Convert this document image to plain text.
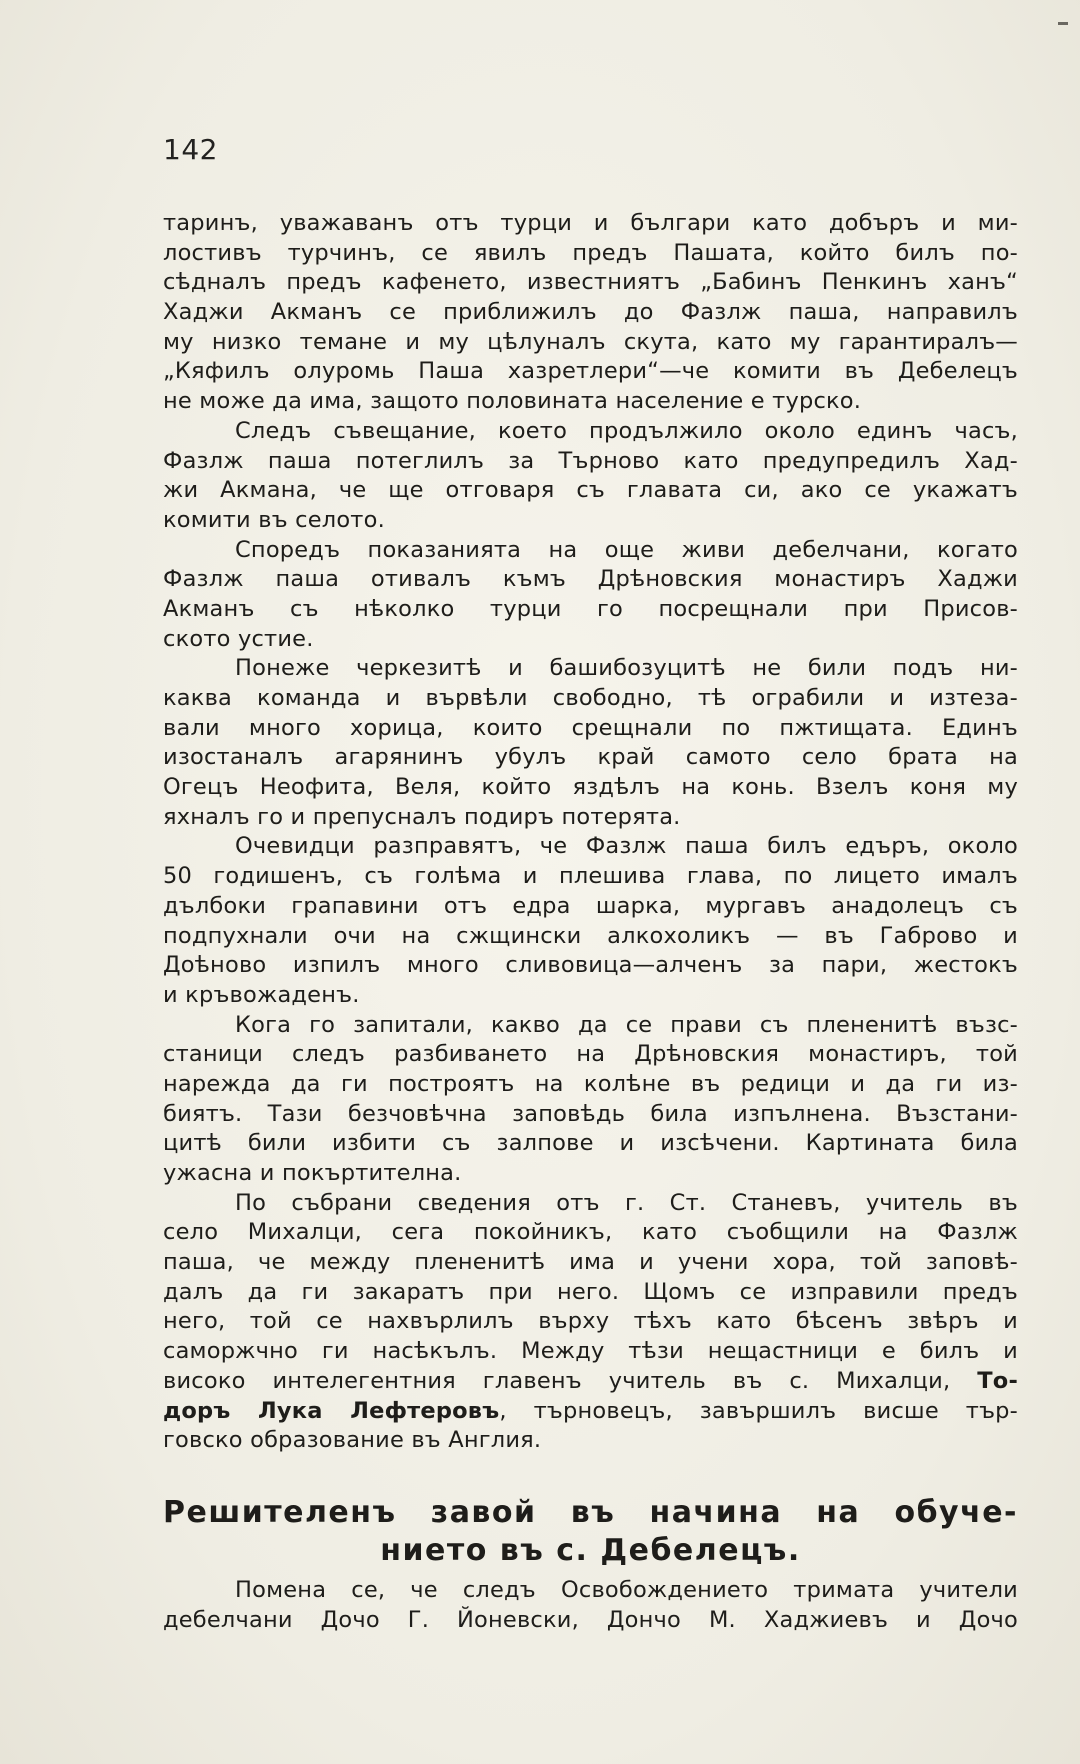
142
таринъ, уважаванъ отъ турци и българи като добъръ и ми-
лостивъ турчинъ, се явилъ предъ Пашата, който билъ по-
сѣдналъ предъ кафенето, известниятъ „Бабинъ Пенкинъ ханъ“
Хаджи Акманъ се приближилъ до Фазлж паша, направилъ
му низко темане и му цѣлуналъ скута, като му гарантиралъ—
„Кяфилъ олуромь Паша хазретлери“—че комити въ Дебелецъ
не може да има, защото половината население е турско.
Следъ съвещание, което продължило около единъ часъ,
Фазлж паша потеглилъ за Търново като предупредилъ Хад-
жи Акмана, че ще отговаря съ главата си, ако се укажатъ
комити въ селото.
Споредъ показанията на още живи дебелчани, когато
Фазлж паша отивалъ къмъ Дрѣновския монастиръ Хаджи
Акманъ съ нѣколко турци го посрещнали при Присов-
ското устие.
Понеже черкезитѣ и башибозуцитѣ не били подъ ни-
каква команда и вървѣли свободно, тѣ ограбили и изтеза-
вали много хорица, които срещнали по пжтищата. Единъ
изостаналъ агарянинъ убулъ край самото село брата на
Огецъ Неофита, Веля, който яздѣлъ на конь. Взелъ коня му
яхналъ го и препусналъ подиръ потерята.
Очевидци разправятъ, че Фазлж паша билъ едъръ, около
50 годишенъ, съ голѣма и плешива глава, по лицето ималъ
дълбоки грапавини отъ едра шарка, мургавъ анадолецъ съ
подпухнали очи на сжщински алкохоликъ — въ Габрово и
Доѣново изпилъ много сливовица—алченъ за пари, жестокъ
и кръвожаденъ.
Кога го запитали, какво да се прави съ плененитѣ възс-
станици следъ разбиването на Дрѣновския монастиръ, той
нарежда да ги построятъ на колѣне въ редици и да ги из-
биятъ. Тази безчовѣчна заповѣдь била изпълнена. Възстани-
цитѣ били избити съ залпове и изсѣчени. Картината била
ужасна и покъртителна.
По събрани сведения отъ г. Ст. Станевъ, учитель въ
село Михалци, сега покойникъ, като съобщили на Фазлж
паша, че между плененитѣ има и учени хора, той заповѣ-
далъ да ги закаратъ при него. Щомъ се изправили предъ
него, той се нахвърлилъ върху тѣхъ като бѣсенъ звѣръ и
саморжчно ги насѣкълъ. Между тѣзи нещастници е билъ и
високо интелегентния главенъ учитель въ с. Михалци, То-
доръ Лука Лефтеровъ, търновецъ, завършилъ висше тър-
говско образование въ Англия.
Решителенъ завой въ начина на обуче-
нието въ с. Дебелецъ.
Помена се, че следъ Освобождението тримата учители
дебелчани Дочо Г. Йоневски, Дончо М. Хаджиевъ и Дочо
